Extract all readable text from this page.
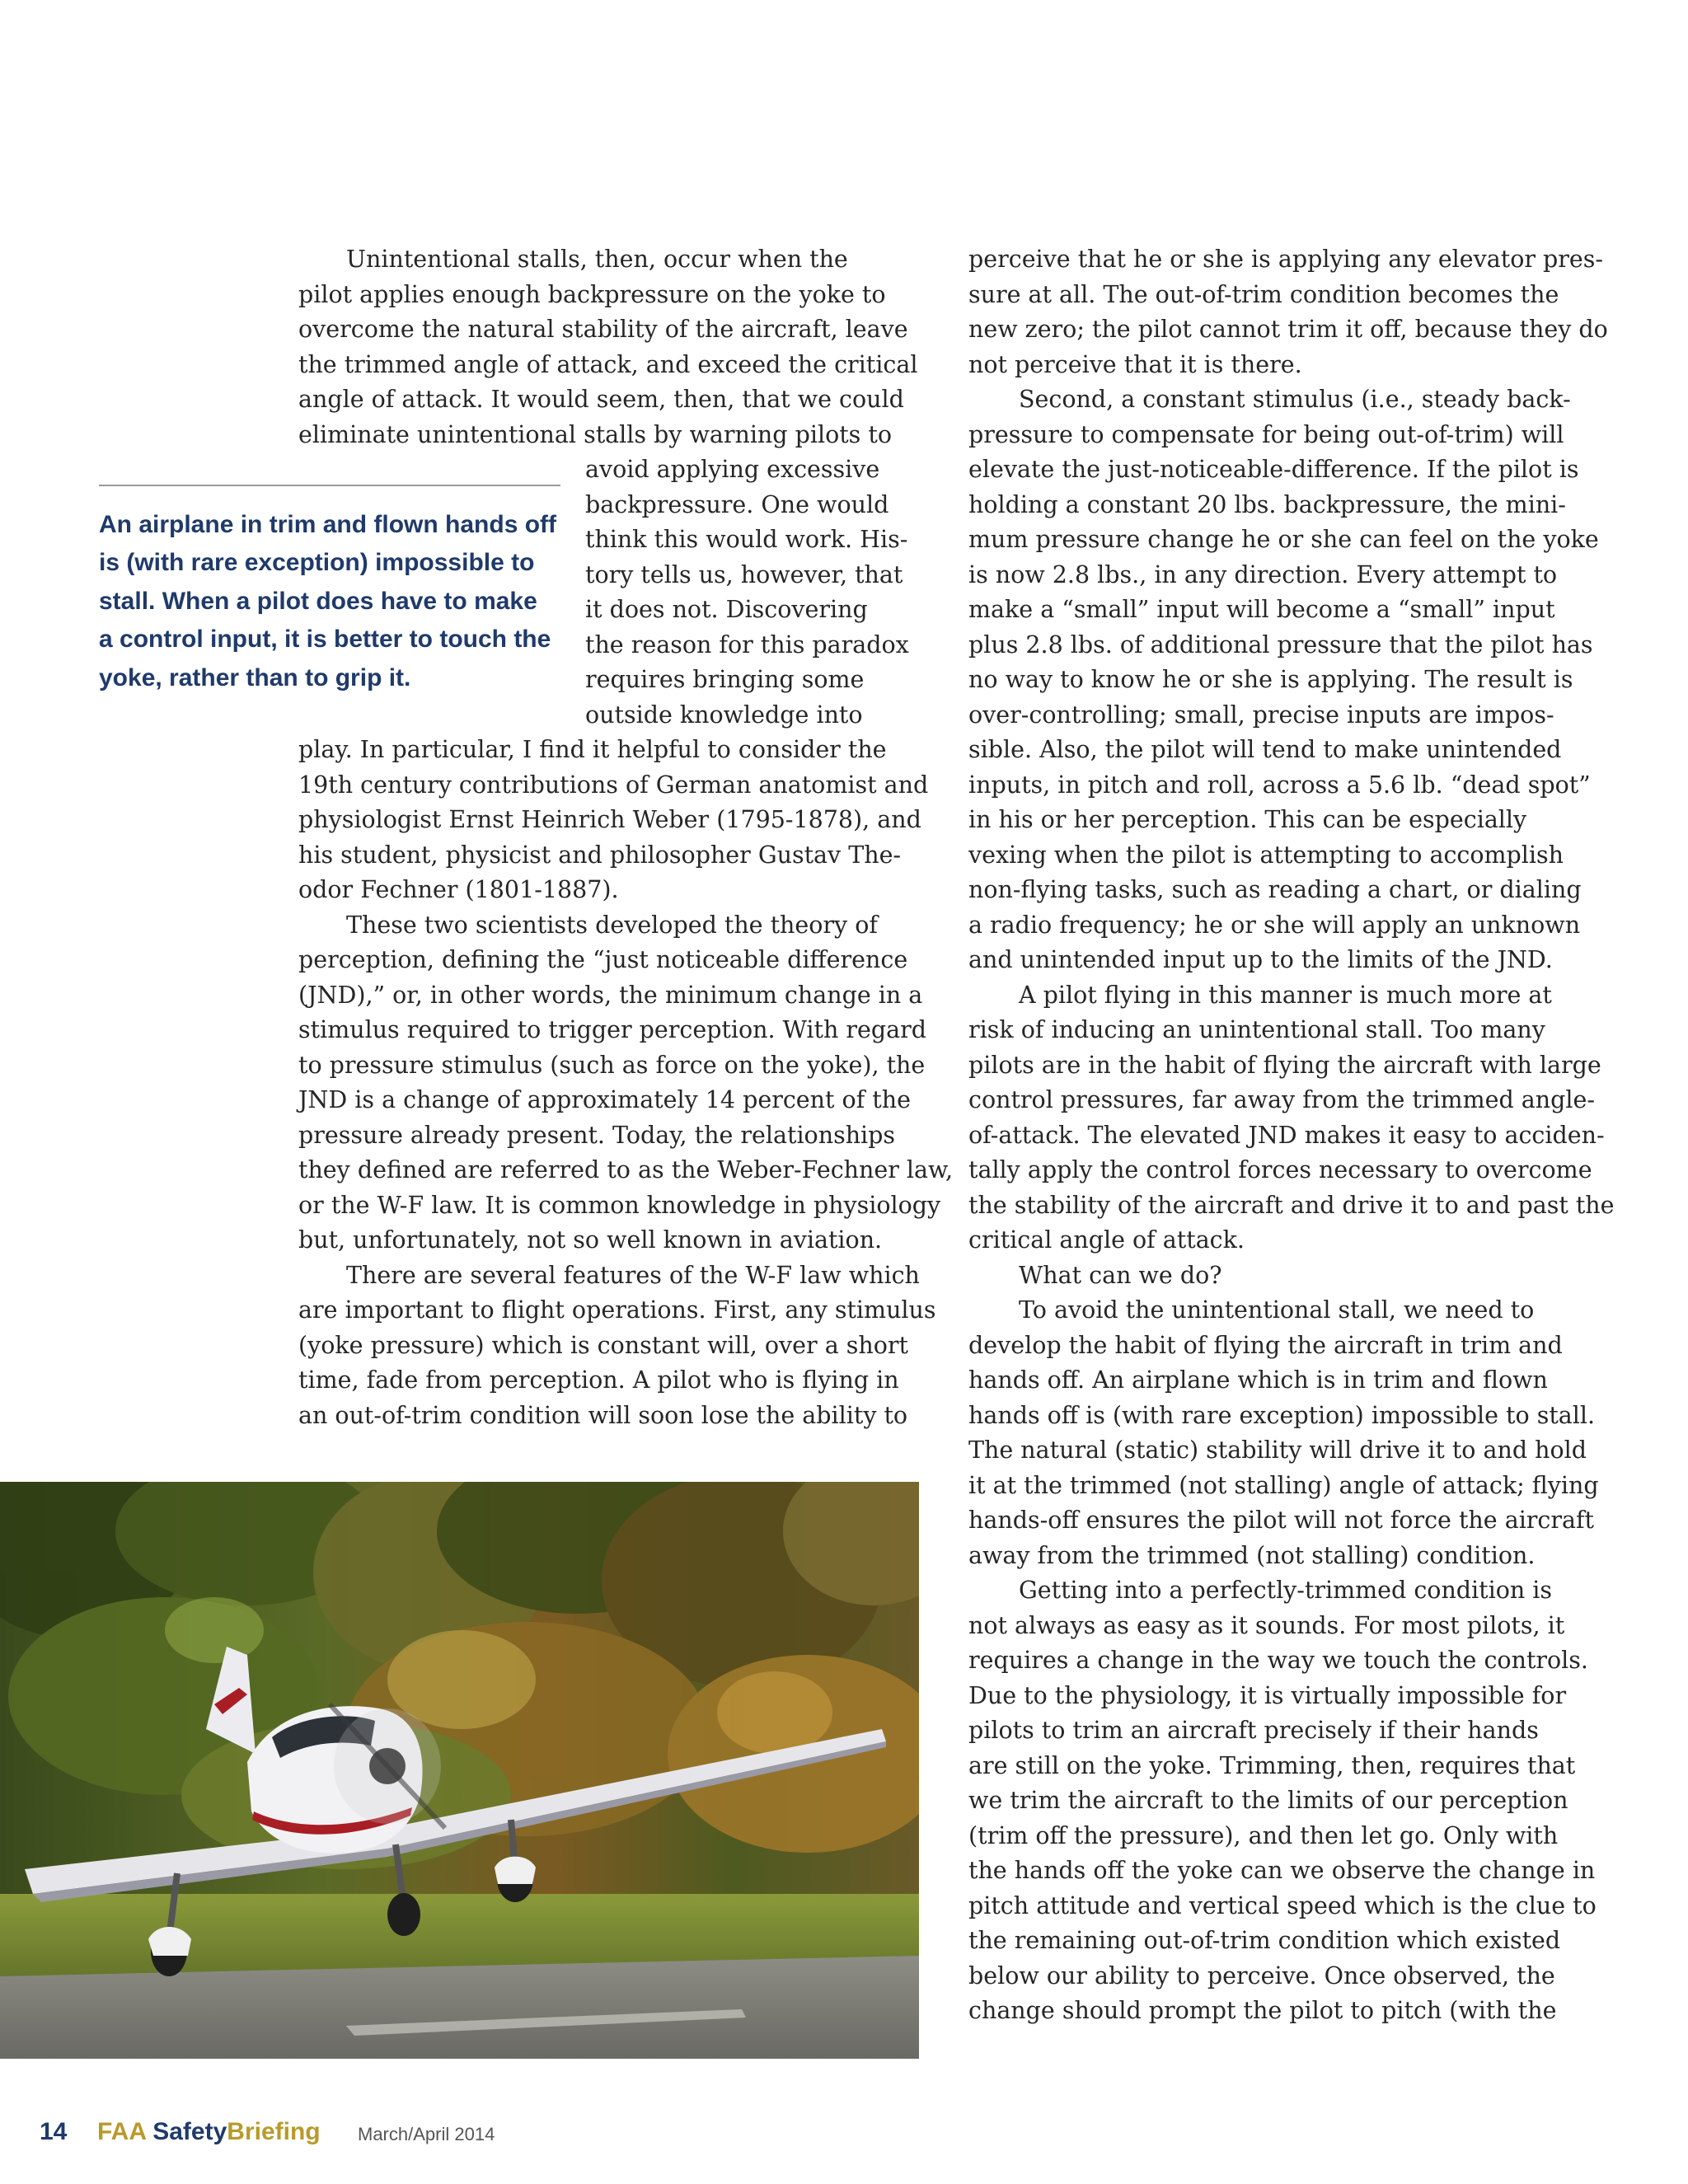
An airplane in trim and flown hands off
is (with rare exception) impossible to
stall. When a pilot does have to make
a control input, it is better to touch the
yoke, rather than to grip it.

Unintentional stalls, then, occur when the

pilot applies enough backpressure on the yoke to

overcome the natural stability of the aircraft, leave

the trimmed angle of attack, and exceed the critical

angle of attack. It would seem, then, that we could

eliminate unintentional stalls by warning pilots to

avoid applying excessive

backpressure. One would

think this would work. His-

tory tells us, however, that

it does not. Discovering

the reason for this paradox

requires bringing some

outside knowledge into

play. In particular, I find it helpful to consider the

19th century contributions of German anatomist and

physiologist Ernst Heinrich Weber (1795-1878), and

his student, physicist and philosopher Gustav The-

odor Fechner (1801-1887).

These two scientists developed the theory of

perception, defining the “just noticeable difference

(JND),” or, in other words, the minimum change in a

stimulus required to trigger perception. With regard

to pressure stimulus (such as force on the yoke), the

JND is a change of approximately 14 percent of the

pressure already present. Today, the relationships

they defined are referred to as the Weber-Fechner law,

or the W-F law. It is common knowledge in physiology

but, unfortunately, not so well known in aviation.

There are several features of the W-F law which

are important to flight operations. First, any stimulus

(yoke pressure) which is constant will, over a short

time, fade from perception. A pilot who is flying in

an out-of-trim condition will soon lose the ability to

perceive that he or she is applying any elevator pres-

sure at all. The out-of-trim condition becomes the

new zero; the pilot cannot trim it off, because they do

not perceive that it is there.

Second, a constant stimulus (i.e., steady back-

pressure to compensate for being out-of-trim) will

elevate the just-noticeable-difference. If the pilot is

holding a constant 20 lbs. backpressure, the mini-

mum pressure change he or she can feel on the yoke

is now 2.8 lbs., in any direction. Every attempt to

make a “small” input will become a “small” input

plus 2.8 lbs. of additional pressure that the pilot has

no way to know he or she is applying. The result is

over-controlling; small, precise inputs are impos-

sible. Also, the pilot will tend to make unintended

inputs, in pitch and roll, across a 5.6 lb. “dead spot”

in his or her perception. This can be especially

vexing when the pilot is attempting to accomplish

non-flying tasks, such as reading a chart, or dialing

a radio frequency; he or she will apply an unknown

and unintended input up to the limits of the JND.

A pilot flying in this manner is much more at

risk of inducing an unintentional stall. Too many

pilots are in the habit of flying the aircraft with large

control pressures, far away from the trimmed angle-

of-attack. The elevated JND makes it easy to acciden-

tally apply the control forces necessary to overcome

the stability of the aircraft and drive it to and past the

critical angle of attack.

What can we do?

To avoid the unintentional stall, we need to

develop the habit of flying the aircraft in trim and

hands off. An airplane which is in trim and flown

hands off is (with rare exception) impossible to stall.

The natural (static) stability will drive it to and hold

it at the trimmed (not stalling) angle of attack; flying

hands-off ensures the pilot will not force the aircraft

away from the trimmed (not stalling) condition.

Getting into a perfectly-trimmed condition is

not always as easy as it sounds. For most pilots, it

requires a change in the way we touch the controls.

Due to the physiology, it is virtually impossible for

pilots to trim an aircraft precisely if their hands

are still on the yoke. Trimming, then, requires that

we trim the aircraft to the limits of our perception

(trim off the pressure), and then let go. Only with

the hands off the yoke can we observe the change in

pitch attitude and vertical speed which is the clue to

the remaining out-of-trim condition which existed

below our ability to perceive. Once observed, the

change should prompt the pilot to pitch (with the

14 FAA SafetyBriefing March/April 2014
